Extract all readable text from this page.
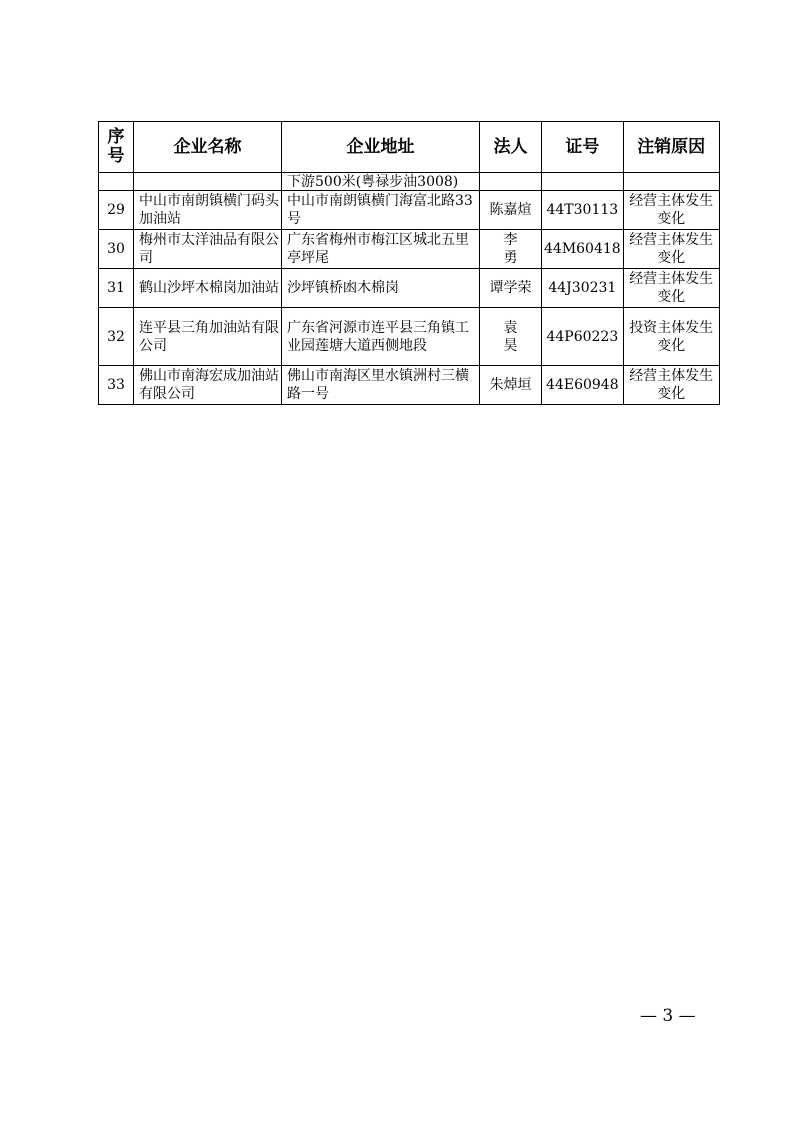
序号	企业名称	企业地址	法人	证号	注销原因
		下游500米(粤禄步油3008)			
29	中山市南朗镇横门码头加油站	中山市南朗镇横门海富北路33号	陈嘉煊	44T30113	经营主体发生变化
30	梅州市太洋油品有限公司	广东省梅州市梅江区城北五里亭坪尾	李勇	44M60418	经营主体发生变化
31	鹤山沙坪木棉岗加油站	沙坪镇桥凼木棉岗	谭学荣	44J30231	经营主体发生变化
32	连平县三角加油站有限公司	广东省河源市连平县三角镇工业园莲塘大道西侧地段	袁昊	44P60223	投资主体发生变化
33	佛山市南海宏成加油站有限公司	佛山市南海区里水镇洲村三横路一号	朱焯垣	44E60948	经营主体发生变化
— 3 —
